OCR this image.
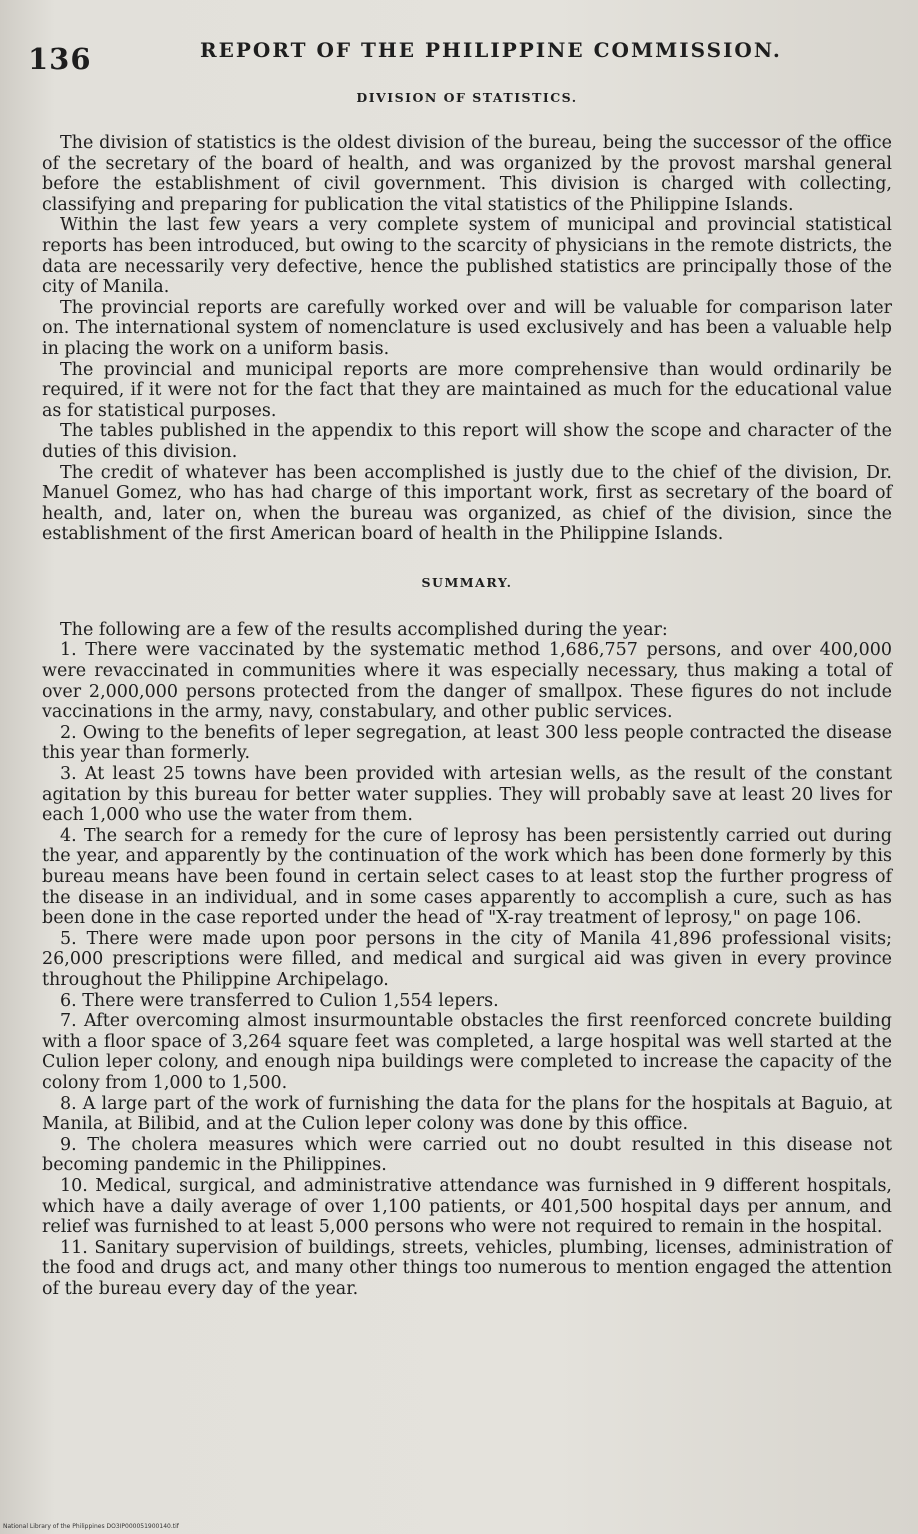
136	REPORT OF THE PHILIPPINE COMMISSION.
DIVISION OF STATISTICS.

The division of statistics is the oldest division of the bureau, being the successor of the office of the secretary of the board of health, and was organized by the provost marshal general before the establishment of civil government. This division is charged with collecting, classifying and preparing for publication the vital statistics of the Philippine Islands.

Within the last few years a very complete system of municipal and provincial statistical reports has been introduced, but owing to the scarcity of physicians in the remote districts, the data are necessarily very defective, hence the published statistics are principally those of the city of Manila.

The provincial reports are carefully worked over and will be valuable for comparison later on. The international system of nomenclature is used exclusively and has been a valuable help in placing the work on a uniform basis.

The provincial and municipal reports are more comprehensive than would ordinarily be required, if it were not for the fact that they are maintained as much for the educational value as for statistical purposes.

The tables published in the appendix to this report will show the scope and character of the duties of this division.

The credit of whatever has been accomplished is justly due to the chief of the division, Dr. Manuel Gomez, who has had charge of this important work, first as secretary of the board of health, and, later on, when the bureau was organized, as chief of the division, since the establishment of the first American board of health in the Philippine Islands.

SUMMARY.

The following are a few of the results accomplished during the year:

1. There were vaccinated by the systematic method 1,686,757 persons, and over 400,000 were revaccinated in communities where it was especially necessary, thus making a total of over 2,000,000 persons protected from the danger of smallpox. These figures do not include vaccinations in the army, navy, constabulary, and other public services.

2. Owing to the benefits of leper segregation, at least 300 less people contracted the disease this year than formerly.

3. At least 25 towns have been provided with artesian wells, as the result of the constant agitation by this bureau for better water supplies. They will probably save at least 20 lives for each 1,000 who use the water from them.

4. The search for a remedy for the cure of leprosy has been persistently carried out during the year, and apparently by the continuation of the work which has been done formerly by this bureau means have been found in certain select cases to at least stop the further progress of the disease in an individual, and in some cases apparently to accomplish a cure, such as has been done in the case reported under the head of "X-ray treatment of leprosy," on page 106.

5. There were made upon poor persons in the city of Manila 41,896 professional visits; 26,000 prescriptions were filled, and medical and surgical aid was given in every province throughout the Philippine Archipelago.

6. There were transferred to Culion 1,554 lepers.

7. After overcoming almost insurmountable obstacles the first reenforced concrete building with a floor space of 3,264 square feet was completed, a large hospital was well started at the Culion leper colony, and enough nipa buildings were completed to increase the capacity of the colony from 1,000 to 1,500.

8. A large part of the work of furnishing the data for the plans for the hospitals at Baguio, at Manila, at Bilibid, and at the Culion leper colony was done by this office.

9. The cholera measures which were carried out no doubt resulted in this disease not becoming pandemic in the Philippines.

10. Medical, surgical, and administrative attendance was furnished in 9 different hospitals, which have a daily average of over 1,100 patients, or 401,500 hospital days per annum, and relief was furnished to at least 5,000 persons who were not required to remain in the hospital.

11. Sanitary supervision of buildings, streets, vehicles, plumbing, licenses, administration of the food and drugs act, and many other things too numerous to mention engaged the attention of the bureau every day of the year.

National Library of the Philippines DO3IP000051900140.tif
